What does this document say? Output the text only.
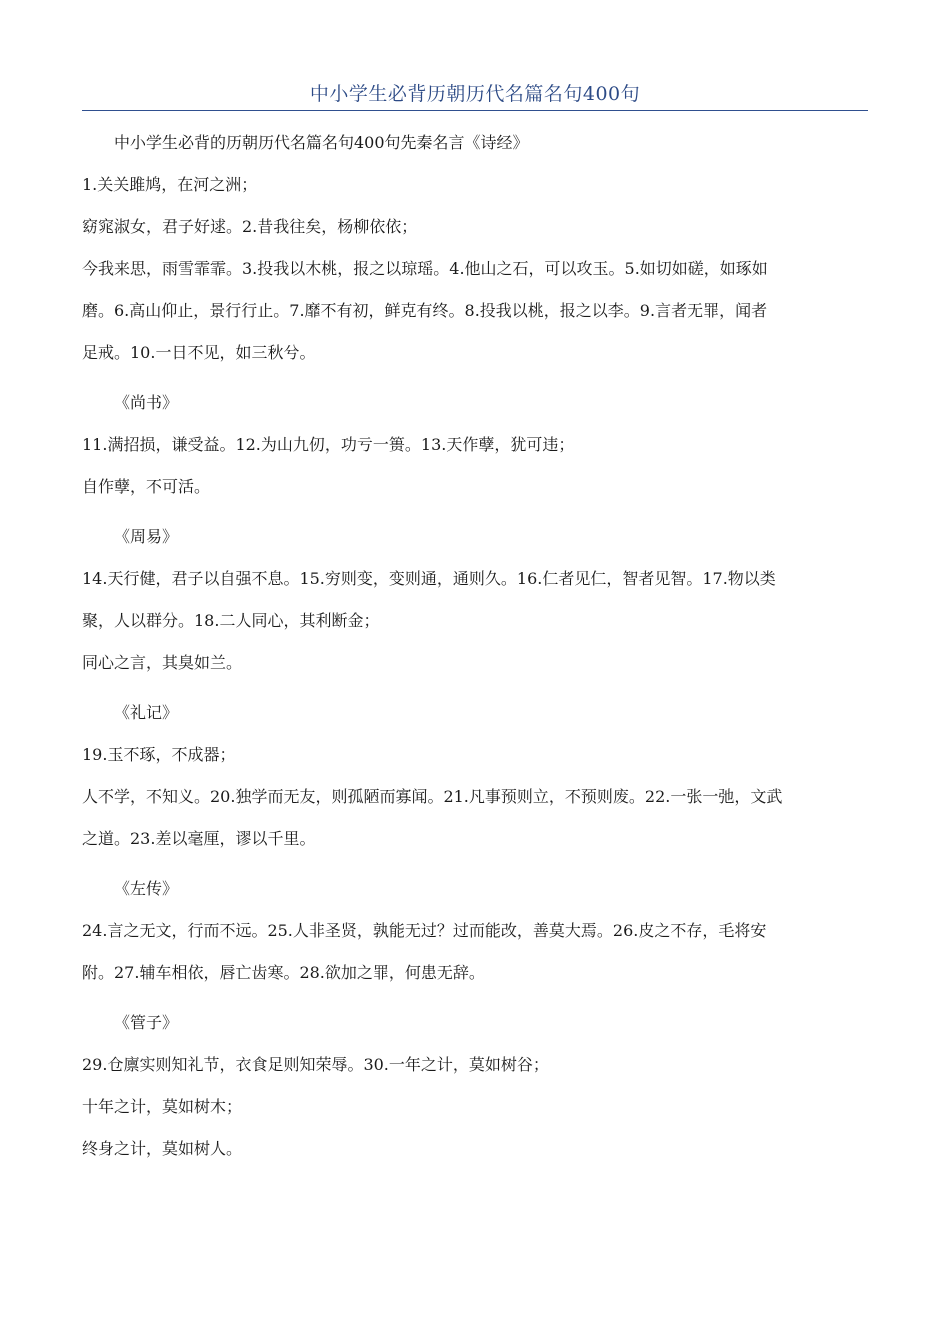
中小学生必背历朝历代名篇名句400句

中小学生必背的历朝历代名篇名句400句先秦名言《诗经》

1.关关雎鸠，在河之洲；

窈窕淑女，君子好逑。2.昔我往矣，杨柳依依；

今我来思，雨雪霏霏。3.投我以木桃，报之以琼瑶。4.他山之石，可以攻玉。5.如切如磋，如琢如

磨。6.高山仰止，景行行止。7.靡不有初，鲜克有终。8.投我以桃，报之以李。9.言者无罪，闻者

足戒。10.一日不见，如三秋兮。

《尚书》

11.满招损，谦受益。12.为山九仞，功亏一篑。13.天作孽，犹可违；

自作孽，不可活。

《周易》

14.天行健，君子以自强不息。15.穷则变，变则通，通则久。16.仁者见仁，智者见智。17.物以类

聚，人以群分。18.二人同心，其利断金；

同心之言，其臭如兰。

《礼记》

19.玉不琢，不成器；

人不学，不知义。20.独学而无友，则孤陋而寡闻。21.凡事预则立，不预则废。22.一张一弛，文武

之道。23.差以毫厘，谬以千里。

《左传》

24.言之无文，行而不远。25.人非圣贤，孰能无过？过而能改，善莫大焉。26.皮之不存，毛将安

附。27.辅车相依，唇亡齿寒。28.欲加之罪，何患无辞。

《管子》

29.仓廪实则知礼节，衣食足则知荣辱。30.一年之计，莫如树谷；

十年之计，莫如树木；

终身之计，莫如树人。
